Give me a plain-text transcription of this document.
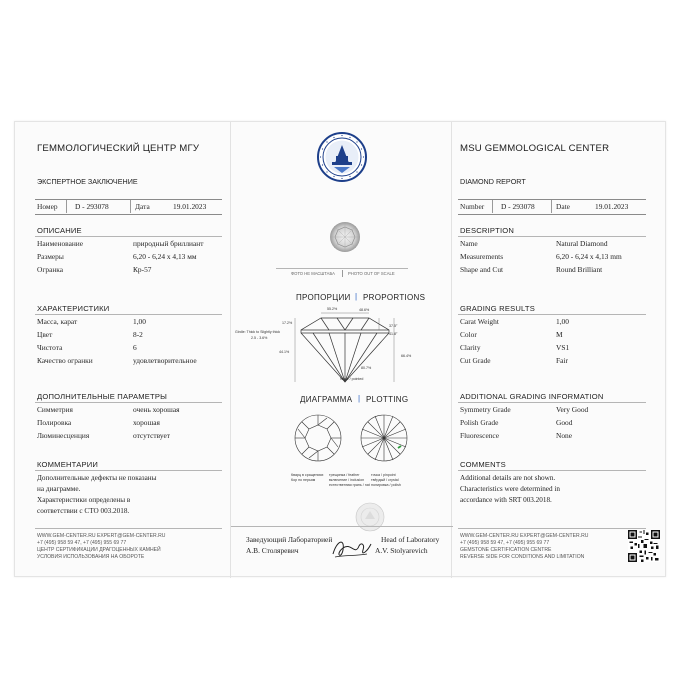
ГЕММОЛОГИЧЕСКИЙ ЦЕНТР МГУ
ЭКСПЕРТНОЕ ЗАКЛЮЧЕНИЕ
Номер D - 293078	Дата	19.01.2023
ОПИСАНИЕ
Наименование	природный бриллиант
Размеры	6,20 - 6,24 х 4,13 мм
Огранка	Кр-57
ХАРАКТЕРИСТИКИ
Масса, карат	1,00
Цвет	8-2
Чистота	6
Качество огранки	удовлетворительное
ДОПОЛНИТЕЛЬНЫЕ ПАРАМЕТРЫ
Симметрия	очень хорошая
Полировка	хорошая
Люминесценция	отсутствует
КОММЕНТАРИИ
Дополнительные дефекты не показаны
на диаграмме.
Характеристики определены в
соответствии с СТО 003.2018.
WWW.GEM-CENTER.RU EXPERT@GEM-CENTER.RU
+7 (495) 958 59 47, +7 (495) 955 69 77
ЦЕНТР СЕРТИФИКАЦИИ ДРАГОЦЕННЫХ КАМНЕЙ
УСЛОВИЯ ИСПОЛЬЗОВАНИЯ НА ОБОРОТЕ
ФОТО НЕ МАСШТАБА	PHOTO OUT OF SCALE
ПРОПОРЦИИ | PROPORTIONS
55.2%	48.6%
17.2%
37.5°
41.8°
44.1%
66.4%
80.7%
Girdle: Thick to Slightly thick
2.5 - 3.6%
None / pointed
ДИАГРАММА | PLOTTING
Кварц в сращениях
Кор по перьям
трещинка / feather
включение / inclusion
естественная грань / nat
точка / pinpoint
твёрдый / crystal
полировка / polish
Заведующий Лабораторией
А.В. Столяревич
Head of Laboratory
A.V. Stolyarevich
MSU GEMMOLOGICAL CENTER
DIAMOND REPORT
Number D - 293078	Date	19.01.2023
DESCRIPTION
Name	Natural Diamond
Measurements	6,20 - 6,24 x 4,13 mm
Shape and Cut	Round Brilliant
GRADING RESULTS
Carat Weight	1,00
Color	M
Clarity	VS1
Cut Grade	Fair
ADDITIONAL GRADING INFORMATION
Symmetry Grade	Very Good
Polish Grade	Good
Fluorescence	None
COMMENTS
Additional details are not shown.
Characteristics were determined in
accordance with SRT 003.2018.
WWW.GEM-CENTER.RU EXPERT@GEM-CENTER.RU
+7 (495) 958 59 47, +7 (495) 955 69 77
GEMSTONE CERTIFICATION CENTRE
REVERSE SIDE FOR CONDITIONS AND LIMITATION
